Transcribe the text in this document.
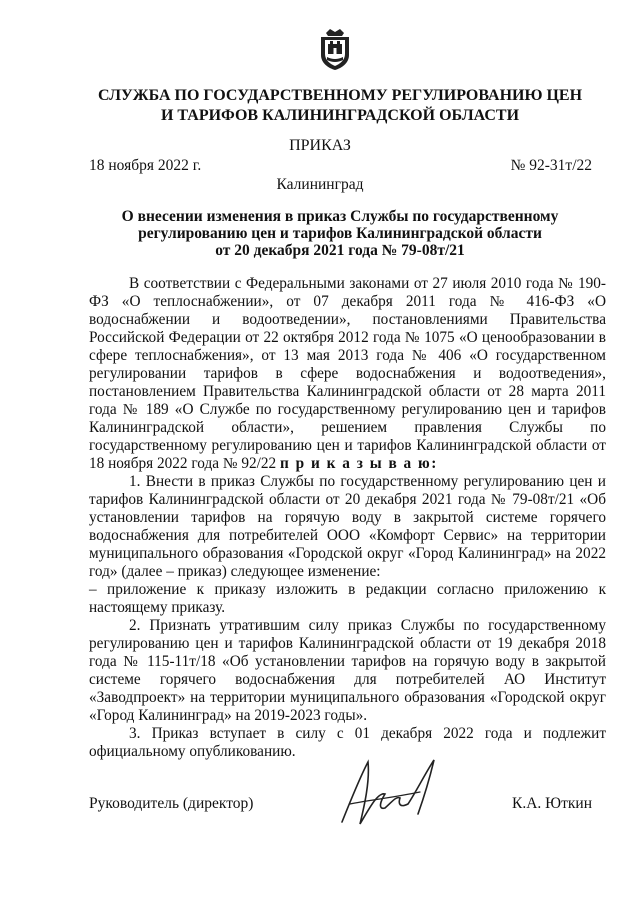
СЛУЖБА ПО ГОСУДАРСТВЕННОМУ РЕГУЛИРОВАНИЮ ЦЕН
И ТАРИФОВ КАЛИНИНГРАДСКОЙ ОБЛАСТИ
ПРИКАЗ
18 ноября 2022 г.	№ 92-31т/22
Калининград
О внесении изменения в приказ Службы по государственному
регулированию цен и тарифов Калининградской области
от 20 декабря 2021 года № 79-08т/21

В соответствии с Федеральными законами от 27 июля 2010 года № 190-ФЗ «О теплоснабжении», от 07 декабря 2011 года № 416-ФЗ «О водоснабжении и водоотведении», постановлениями Правительства Российской Федерации от 22 октября 2012 года № 1075 «О ценообразовании в сфере теплоснабжения», от 13 мая 2013 года № 406 «О государственном регулировании тарифов в сфере водоснабжения и водоотведения», постановлением Правительства Калининградской области от 28 марта 2011 года № 189 «О Службе по государственному регулированию цен и тарифов Калининградской области», решением правления Службы по государственному регулированию цен и тарифов Калининградской области от 18 ноября 2022 года № 92/22 п р и к а з ы в а ю:

1. Внести в приказ Службы по государственному регулированию цен и тарифов Калининградской области от 20 декабря 2021 года № 79-08т/21 «Об установлении тарифов на горячую воду в закрытой системе горячего водоснабжения для потребителей ООО «Комфорт Сервис» на территории муниципального образования «Городской округ «Город Калининград» на 2022 год» (далее – приказ) следующее изменение:

– приложение к приказу изложить в редакции согласно приложению к настоящему приказу.

2. Признать утратившим силу приказ Службы по государственному регулированию цен и тарифов Калининградской области от 19 декабря 2018 года № 115-11т/18 «Об установлении тарифов на горячую воду в закрытой системе горячего водоснабжения для потребителей АО Институт «Заводпроект» на территории муниципального образования «Городской округ «Город Калининград» на 2019-2023 годы».

3. Приказ вступает в силу с 01 декабря 2022 года и подлежит официальному опубликованию.

Руководитель (директор)	К.А. Юткин
